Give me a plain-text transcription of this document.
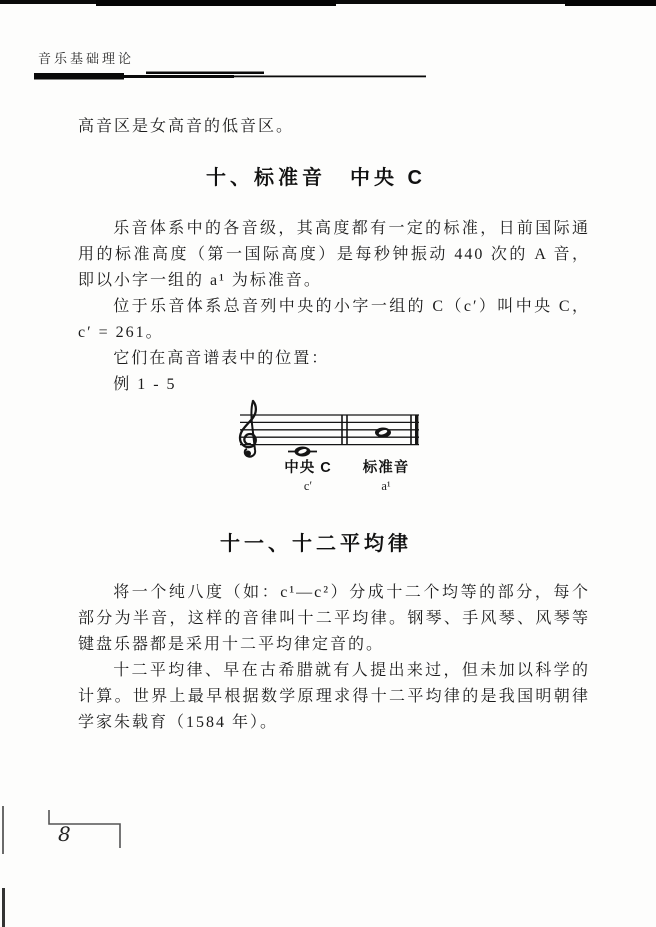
音乐基础理论
高音区是女高音的低音区。
十、标准音　中央 C

乐音体系中的各音级，其高度都有一定的标准，日前国际通用的标准高度（第一国际高度）是每秒钟振动 440 次的 A 音，即以小字一组的 a¹ 为标准音。

位于乐音体系总音列中央的小字一组的 C（c′）叫中央 C，c′ = 261。

它们在高音谱表中的位置：

例 1 - 5

中央 C	标准音
c′	a¹
十一、十二平均律

将一个纯八度（如：c¹—c²）分成十二个均等的部分，每个部分为半音，这样的音律叫十二平均律。钢琴、手风琴、风琴等键盘乐器都是采用十二平均律定音的。

十二平均律、早在古希腊就有人提出来过，但未加以科学的计算。世界上最早根据数学原理求得十二平均律的是我国明朝律学家朱载育（1584 年）。

8
